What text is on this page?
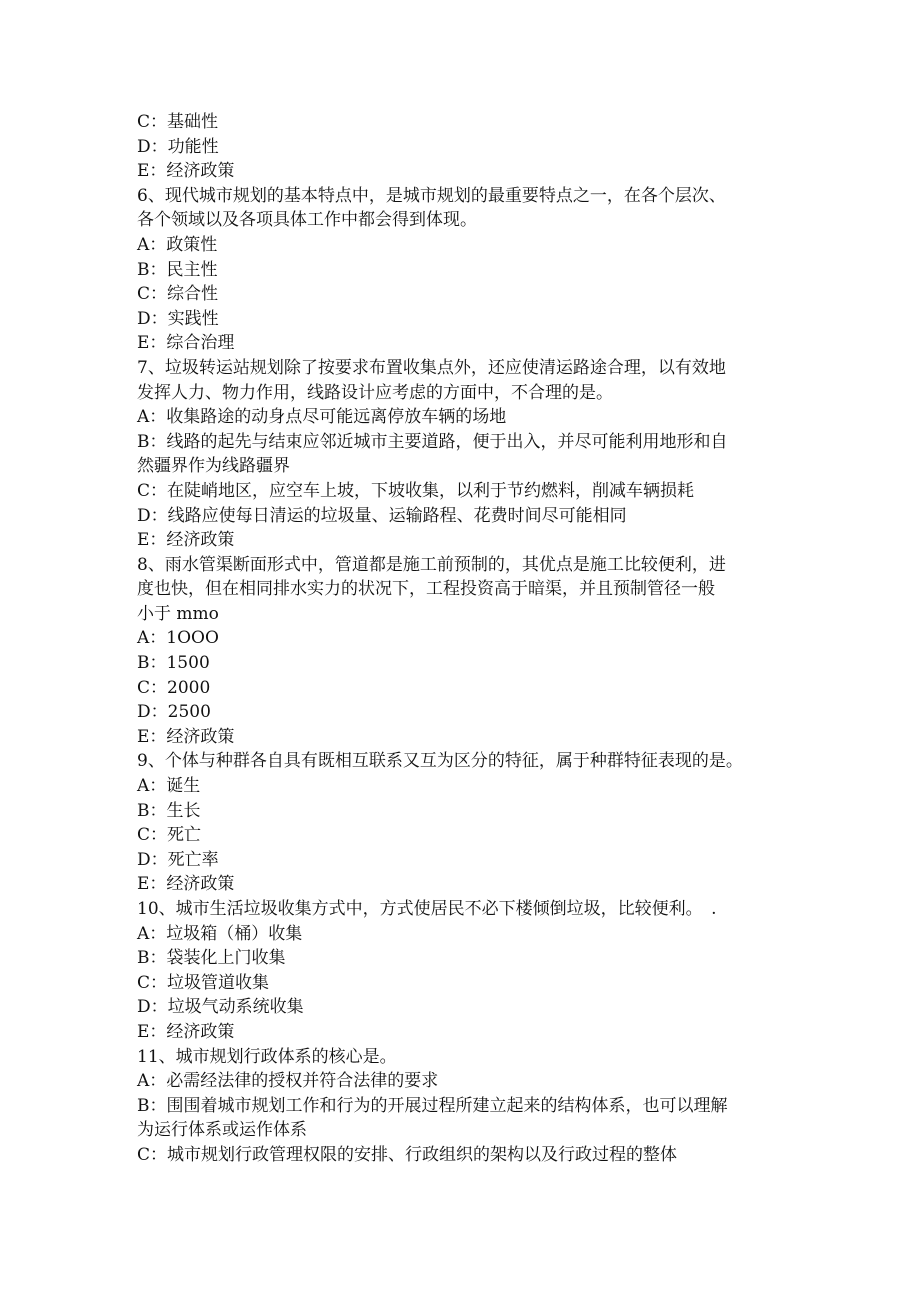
C：基础性
D：功能性
E：经济政策
6、现代城市规划的基本特点中，是城市规划的最重要特点之一，在各个层次、
各个领域以及各项具体工作中都会得到体现。
A：政策性
B：民主性
C：综合性
D：实践性
E：综合治理
7、垃圾转运站规划除了按要求布置收集点外，还应使清运路途合理，以有效地
发挥人力、物力作用，线路设计应考虑的方面中，不合理的是。
A：收集路途的动身点尽可能远离停放车辆的场地
B：线路的起先与结束应邻近城市主要道路，便于出入，并尽可能利用地形和自
然疆界作为线路疆界
C：在陡峭地区，应空车上坡，下坡收集，以利于节约燃料，削减车辆损耗
D：线路应使每日清运的垃圾量、运输路程、花费时间尽可能相同
E：经济政策
8、雨水管渠断面形式中，管道都是施工前预制的，其优点是施工比较便利，进
度也快，但在相同排水实力的状况下，工程投资高于暗渠，并且预制管径一般
小于 mmo
A：1OOO
B：1500
C：2000
D：2500
E：经济政策
9、个体与种群各自具有既相互联系又互为区分的特征，属于种群特征表现的是。
A：诞生
B：生长
C：死亡
D：死亡率
E：经济政策
10、城市生活垃圾收集方式中，方式使居民不必下楼倾倒垃圾，比较便利。　.
A：垃圾箱（桶）收集
B：袋装化上门收集
C：垃圾管道收集
D：垃圾气动系统收集
E：经济政策
11、城市规划行政体系的核心是。
A：必需经法律的授权并符合法律的要求
B：围围着城市规划工作和行为的开展过程所建立起来的结构体系，也可以理解
为运行体系或运作体系
C：城市规划行政管理权限的安排、行政组织的架构以及行政过程的整体
